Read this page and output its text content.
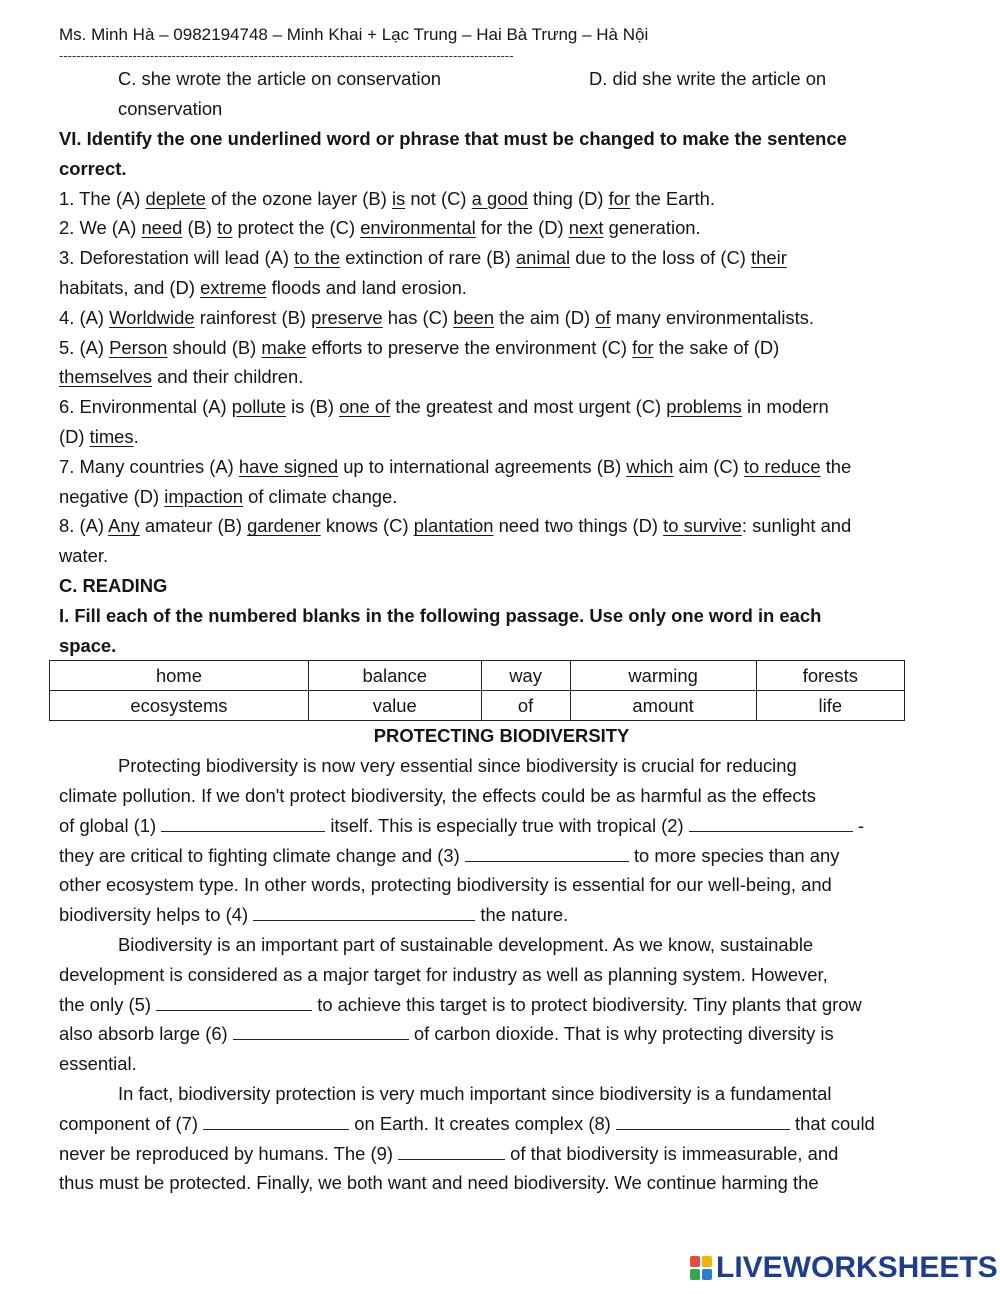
Ms. Minh Hà – 0982194748 – Minh Khai + Lạc Trung – Hai Bà Trưng – Hà Nội
---------------------------------------------------------------------------------------------------------
C. she wrote the article on conservation
conservation
D. did she write the article on
VI. Identify the one underlined word or phrase that must be changed to make the sentence
correct.
1. The (A) deplete of the ozone layer (B) is not (C) a good thing (D) for the Earth.
2. We (A) need (B) to protect the (C) environmental for the (D) next generation.
3. Deforestation will lead (A) to the extinction of rare (B) animal due to the loss of (C) their
habitats, and (D) extreme floods and land erosion.
4. (A) Worldwide rainforest (B) preserve has (C) been the aim (D) of many environmentalists.
5. (A) Person should (B) make efforts to preserve the environment (C) for the sake of (D)
themselves and their children.
6. Environmental (A) pollute is (B) one of the greatest and most urgent (C) problems in modern
(D) times.
7. Many countries (A) have signed up to international agreements (B) which aim (C) to reduce the
negative (D) impaction of climate change.
8. (A) Any amateur (B) gardener knows (C) plantation need two things (D) to survive: sunlight and
water.
C. READING
I. Fill each of the numbered blanks in the following passage. Use only one word in each
space.
home	balance	way	warming	forests
ecosystems	value	of	amount	life
PROTECTING BIODIVERSITY
Protecting biodiversity is now very essential since biodiversity is crucial for reducing
climate pollution. If we don't protect biodiversity, the effects could be as harmful as the effects
of global (1)	itself. This is especially true with tropical (2)	-
they are critical to fighting climate change and (3)	to more species than any
other ecosystem type. In other words, protecting biodiversity is essential for our well-being, and
biodiversity helps to (4)	the nature.
Biodiversity is an important part of sustainable development. As we know, sustainable
development is considered as a major target for industry as well as planning system. However,
the only (5)	to achieve this target is to protect biodiversity. Tiny plants that grow
also absorb large (6)	of carbon dioxide. That is why protecting diversity is
essential.
In fact, biodiversity protection is very much important since biodiversity is a fundamental
component of (7)	on Earth. It creates complex (8)	that could
never be reproduced by humans. The (9)	of that biodiversity is immeasurable, and
thus must be protected. Finally, we both want and need biodiversity. We continue harming the
LIVEWORKSHEETS
